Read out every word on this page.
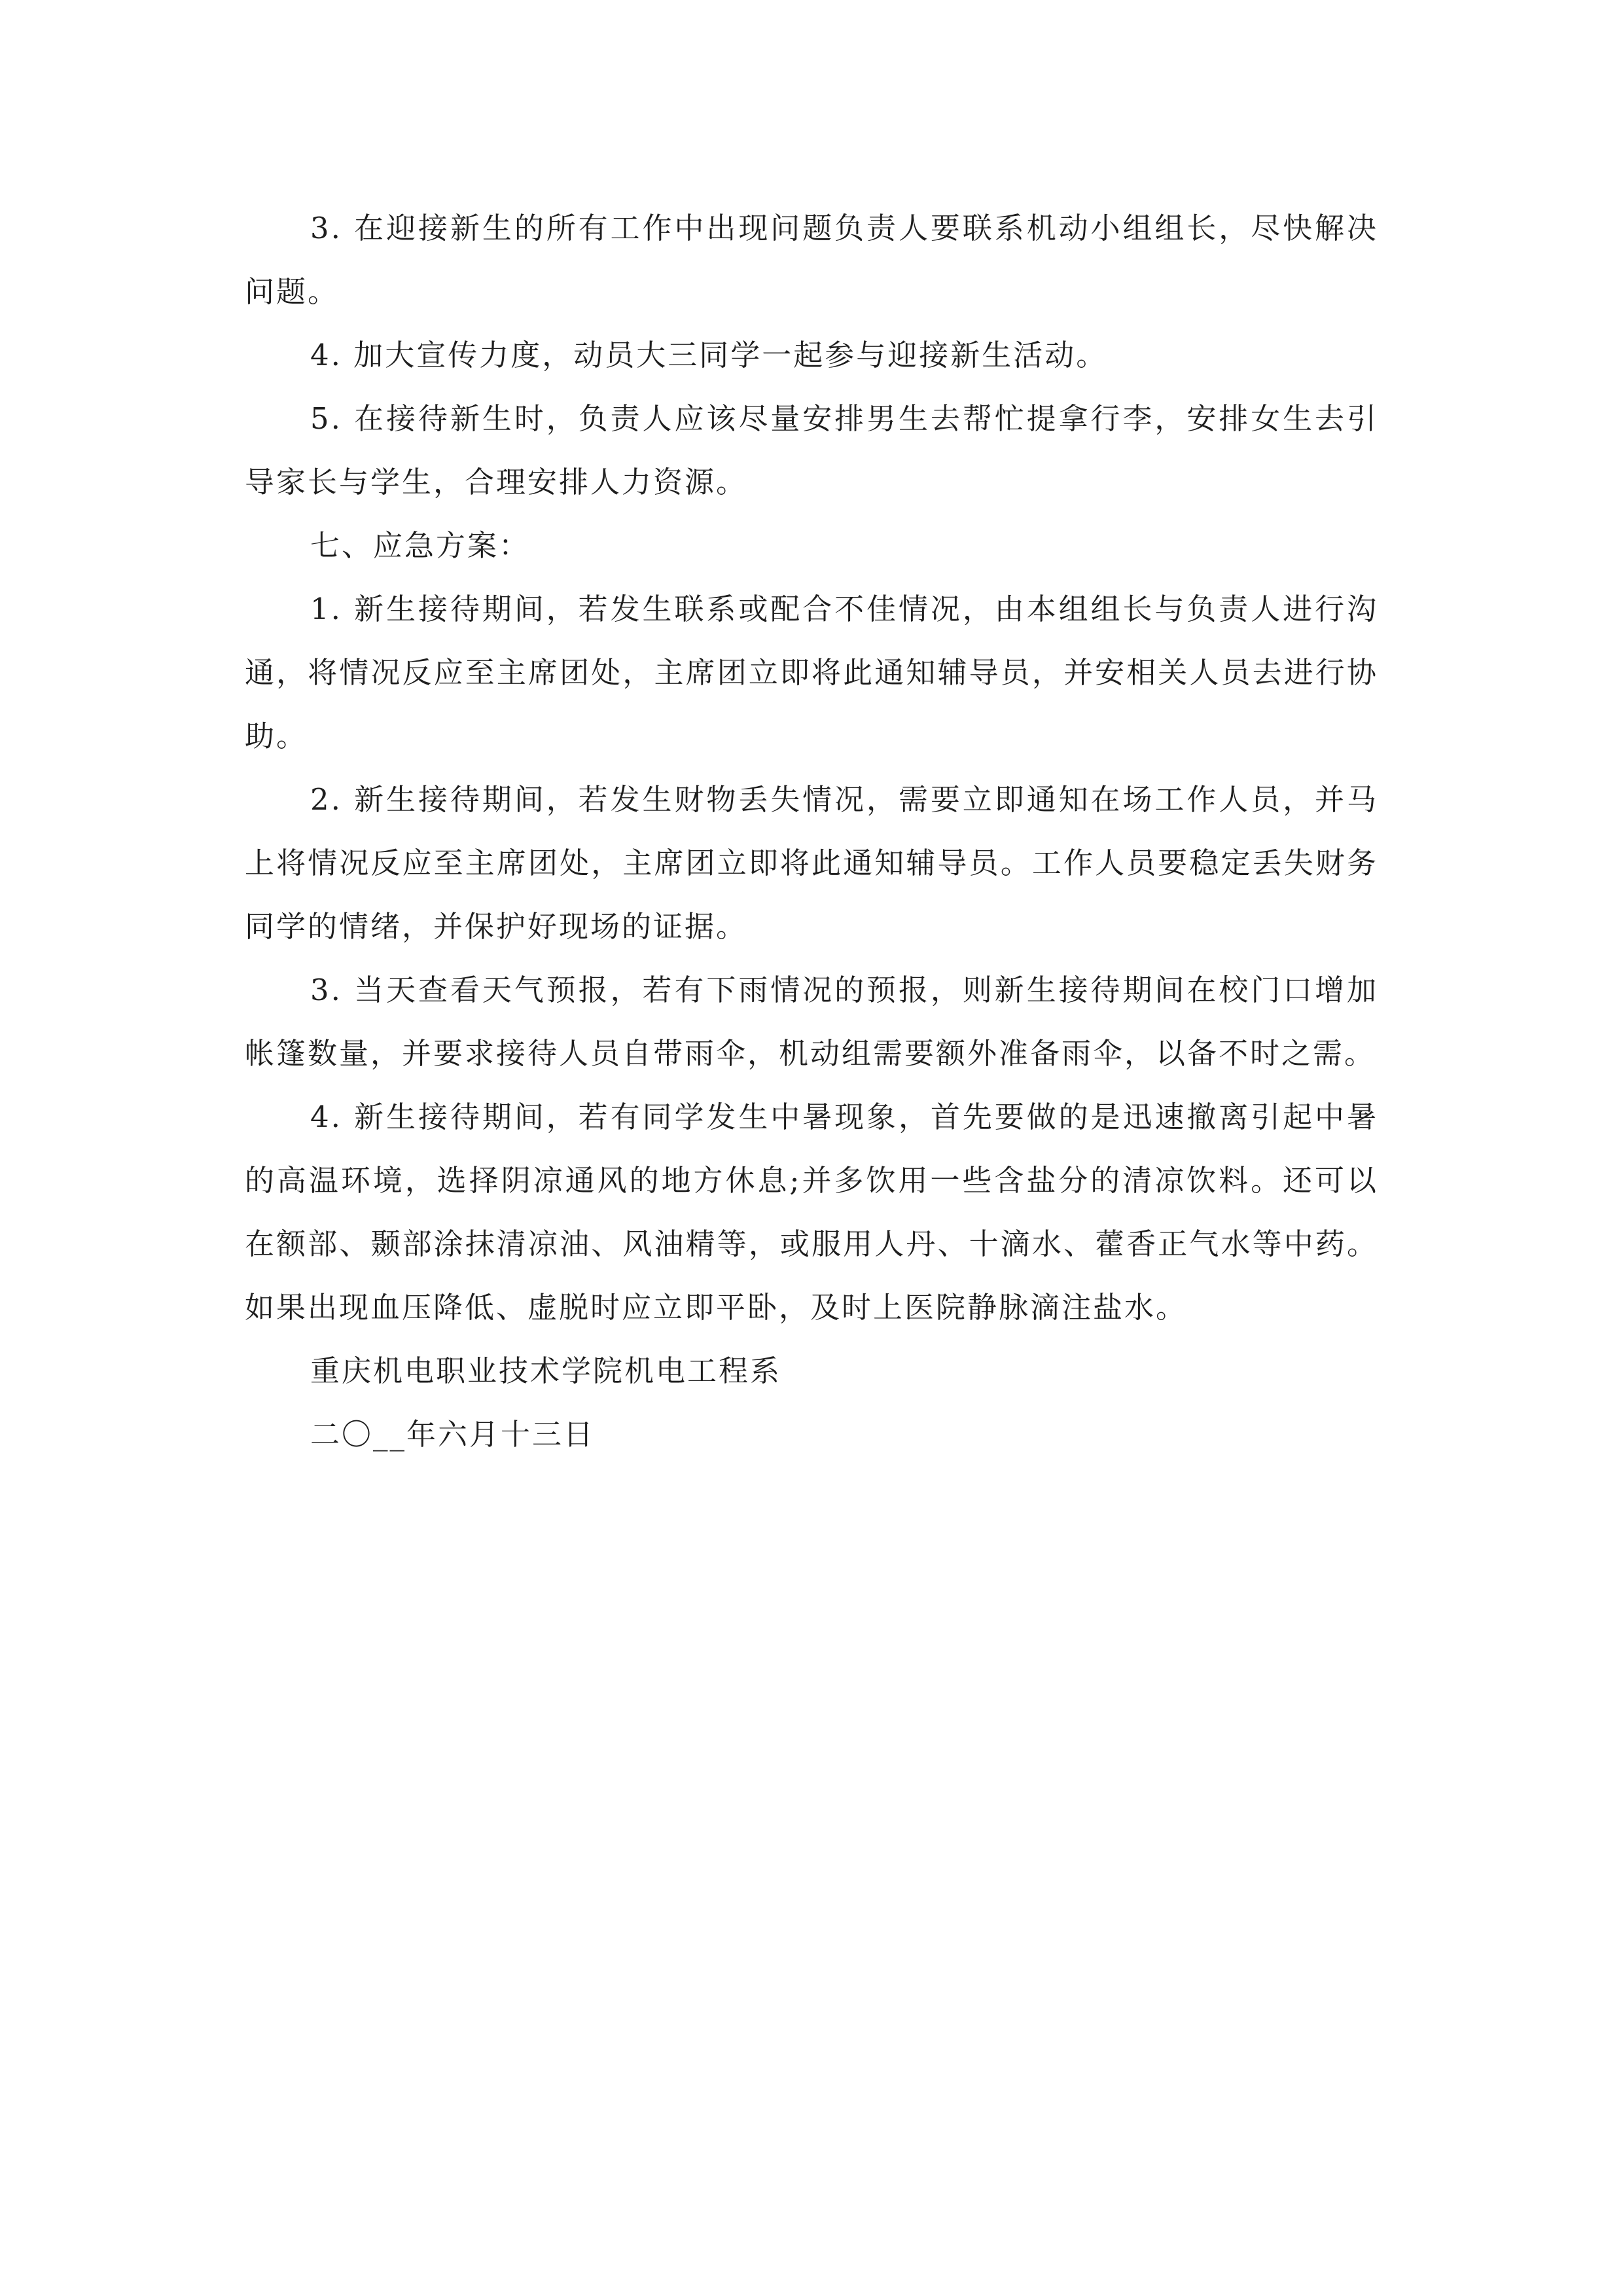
3. 在迎接新生的所有工作中出现问题负责人要联系机动小组组长，尽快解决问题。

4. 加大宣传力度，动员大三同学一起参与迎接新生活动。

5. 在接待新生时，负责人应该尽量安排男生去帮忙提拿行李，安排女生去引导家长与学生，合理安排人力资源。

七、应急方案：

1. 新生接待期间，若发生联系或配合不佳情况，由本组组长与负责人进行沟通，将情况反应至主席团处，主席团立即将此通知辅导员，并安相关人员去进行协助。

2. 新生接待期间，若发生财物丢失情况，需要立即通知在场工作人员，并马上将情况反应至主席团处，主席团立即将此通知辅导员。工作人员要稳定丢失财务同学的情绪，并保护好现场的证据。

3. 当天查看天气预报，若有下雨情况的预报，则新生接待期间在校门口增加帐篷数量，并要求接待人员自带雨伞，机动组需要额外准备雨伞，以备不时之需。

4. 新生接待期间，若有同学发生中暑现象，首先要做的是迅速撤离引起中暑的高温环境，选择阴凉通风的地方休息;并多饮用一些含盐分的清凉饮料。还可以在额部、颞部涂抹清凉油、风油精等，或服用人丹、十滴水、藿香正气水等中药。如果出现血压降低、虚脱时应立即平卧，及时上医院静脉滴注盐水。

重庆机电职业技术学院机电工程系

二〇__年六月十三日
